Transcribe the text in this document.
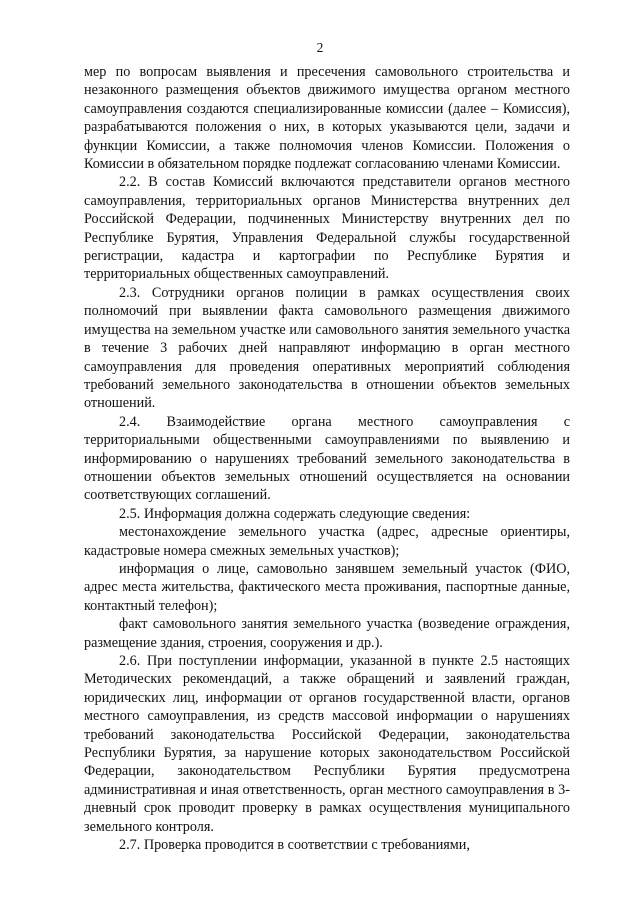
2

мер по вопросам выявления и пресечения самовольного строительства и незаконного размещения объектов движимого имущества органом местного самоуправления создаются специализированные комиссии (далее – Комиссия), разрабатываются положения о них, в которых указываются цели, задачи и функции Комиссии, а также полномочия членов Комиссии. Положения о Комиссии в обязательном порядке подлежат согласованию членами Комиссии.

2.2. В состав Комиссий включаются представители органов местного самоуправления, территориальных органов Министерства внутренних дел Российской Федерации, подчиненных Министерству внутренних дел по Республике Бурятия, Управления Федеральной службы государственной регистрации, кадастра и картографии по Республике Бурятия и территориальных общественных самоуправлений.

2.3. Сотрудники органов полиции в рамках осуществления своих полномочий при выявлении факта самовольного размещения движимого имущества на земельном участке или самовольного занятия земельного участка в течение 3 рабочих дней направляют информацию в орган местного самоуправления для проведения оперативных мероприятий соблюдения требований земельного законодательства в отношении объектов земельных отношений.

2.4. Взаимодействие органа местного самоуправления с территориальными общественными самоуправлениями по выявлению и информированию о нарушениях требований земельного законодательства в отношении объектов земельных отношений осуществляется на основании соответствующих соглашений.

2.5. Информация должна содержать следующие сведения:

местонахождение земельного участка (адрес, адресные ориентиры, кадастровые номера смежных земельных участков);

информация о лице, самовольно занявшем земельный участок (ФИО, адрес места жительства, фактического места проживания, паспортные данные, контактный телефон);

факт самовольного занятия земельного участка (возведение ограждения, размещение здания, строения, сооружения и др.).

2.6. При поступлении информации, указанной в пункте 2.5 настоящих Методических рекомендаций, а также обращений и заявлений граждан, юридических лиц, информации от органов государственной власти, органов местного самоуправления, из средств массовой информации о нарушениях требований законодательства Российской Федерации, законодательства Республики Бурятия, за нарушение которых законодательством Российской Федерации, законодательством Республики Бурятия предусмотрена административная и иная ответственность, орган местного самоуправления в 3-дневный срок проводит проверку в рамках осуществления муниципального земельного контроля.

2.7. Проверка проводится в соответствии с требованиями,
